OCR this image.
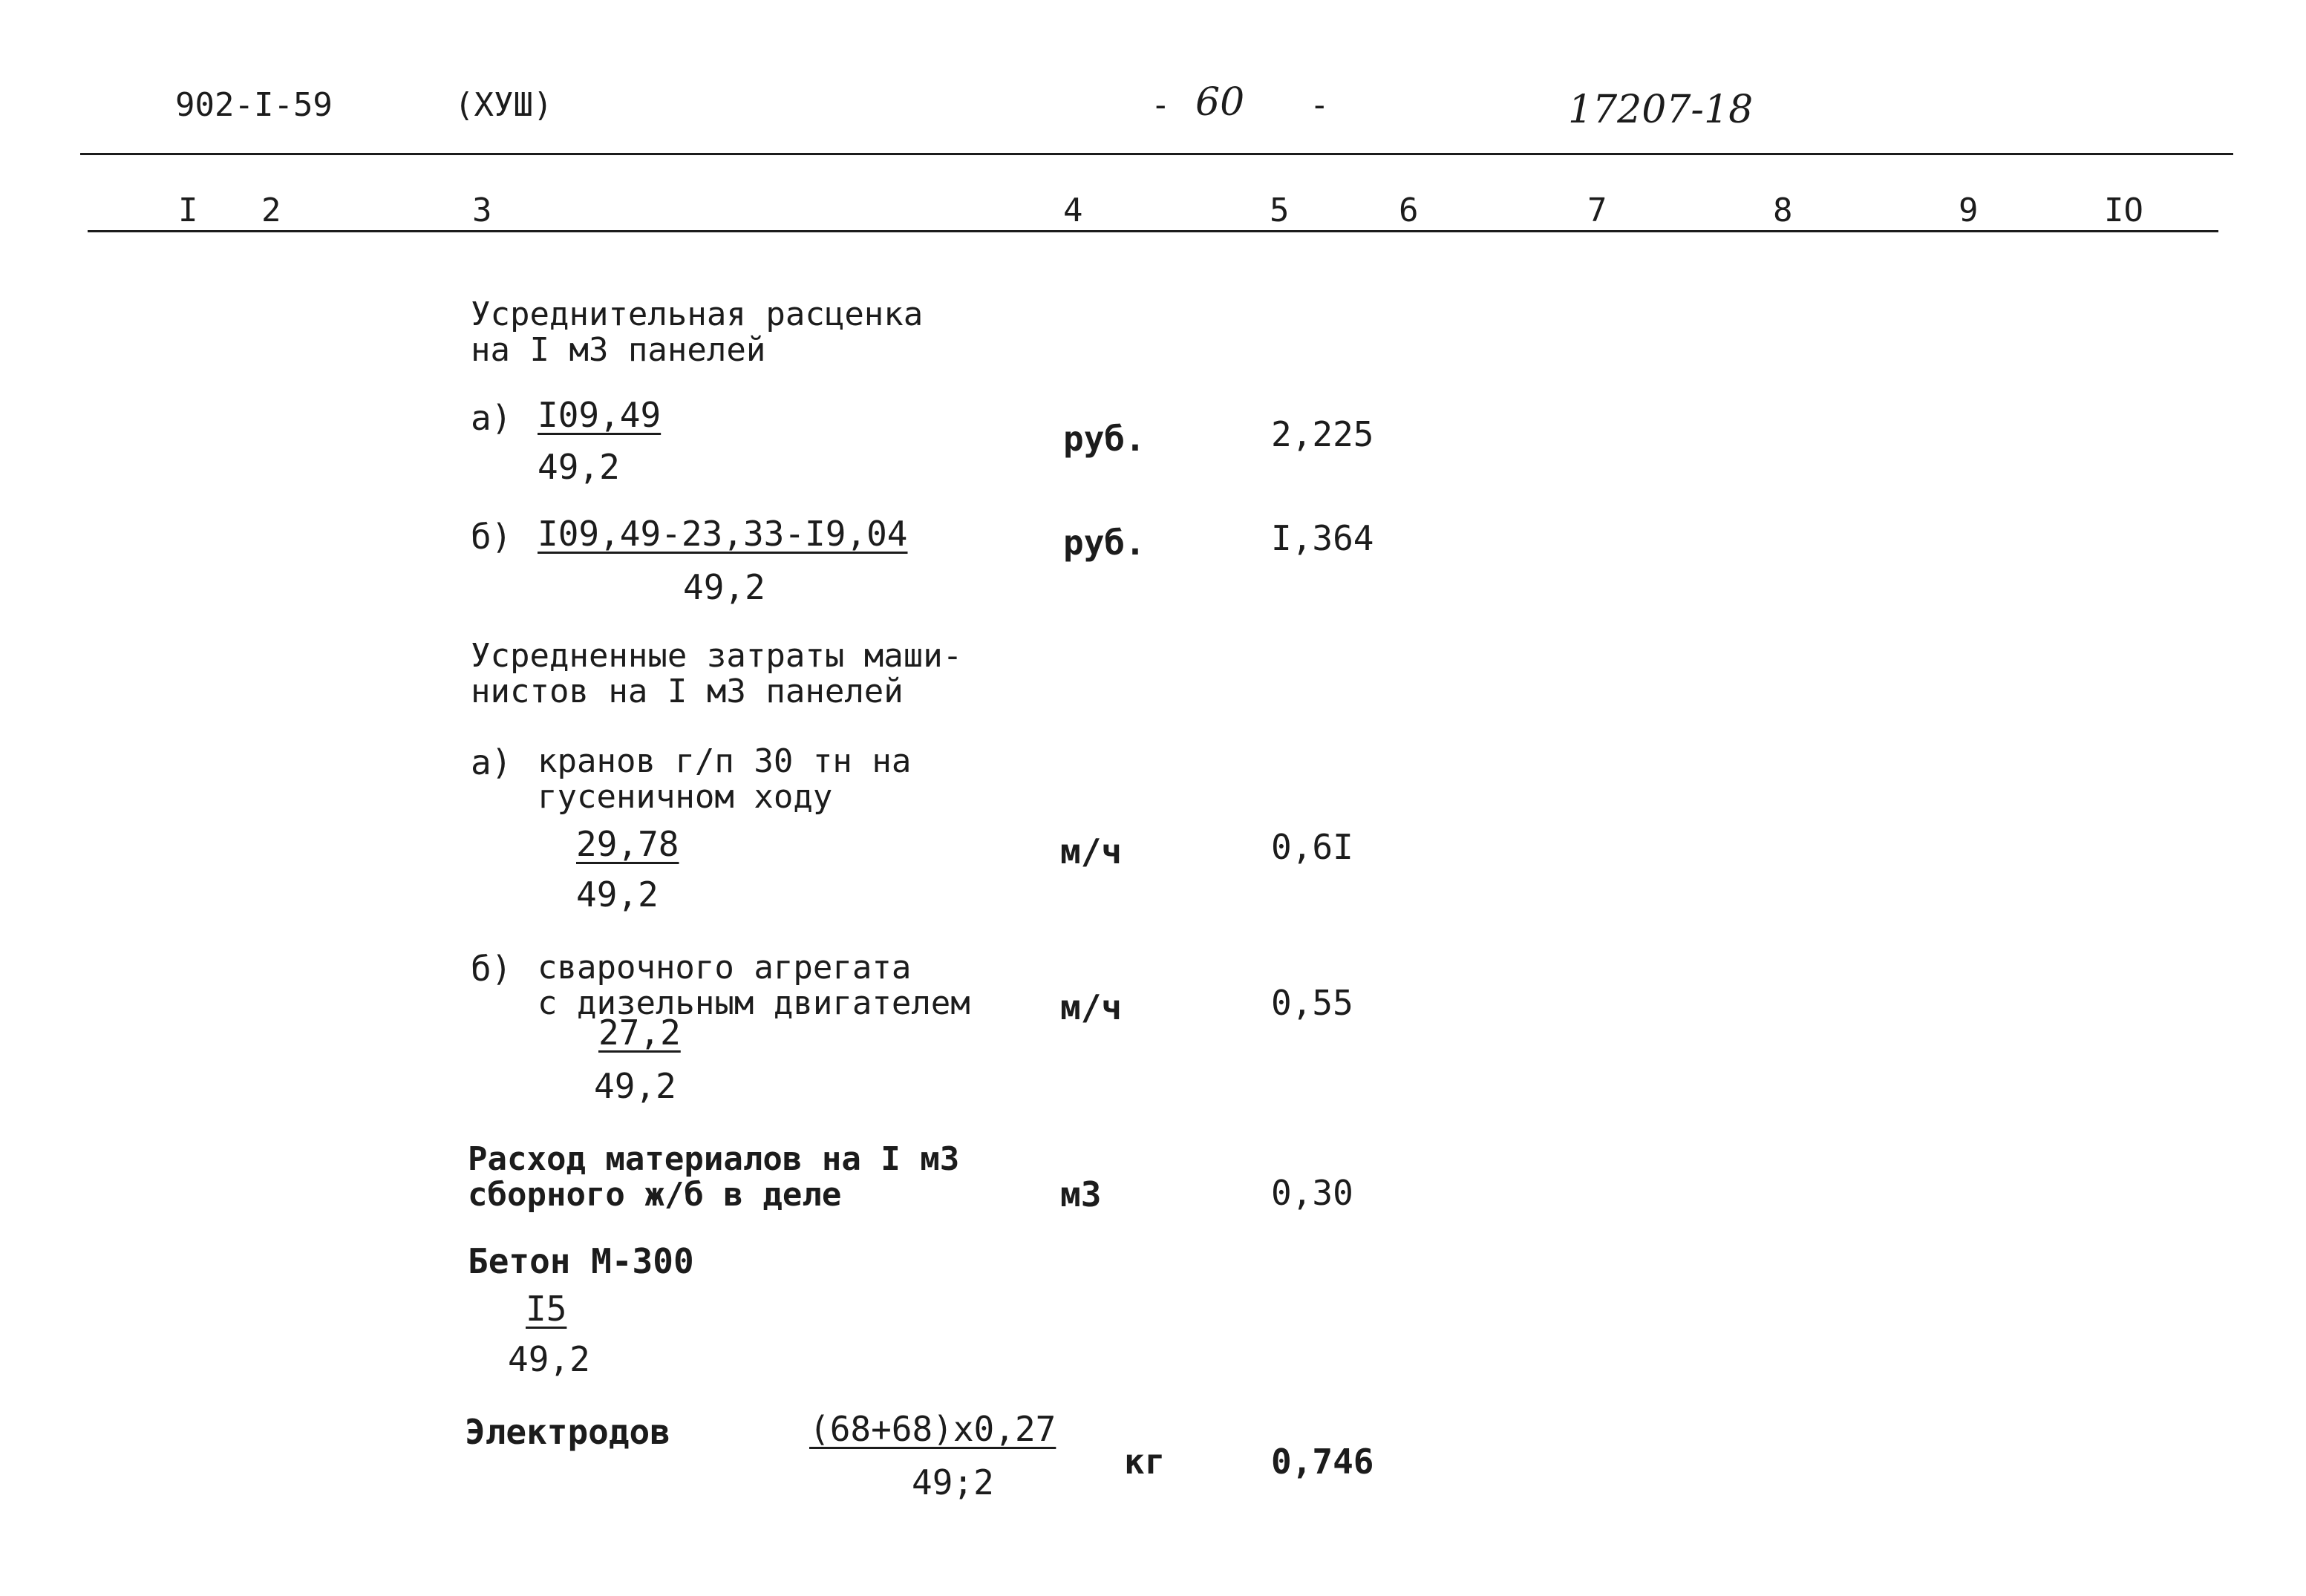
902-I-59	(ХУШ)	- 60 -	17207-18
I 2	3	4	5	6	7	8	9	IO
Усреднительная расценка
на I м3 панелей
а) I09,49
49,2
руб.	2,225
б) I09,49-23,33-I9,04
49,2
руб.	I,364
Усредненные затраты маши-
нистов на I м3 панелей
а) кранов г/п 30 тн на
гусеничном ходу
29,78
49,2
м/ч	0,6I
б) сварочного агрегата
с дизельным двигателем
27,2
49,2
м/ч	0,55
Расход материалов на I м3
сборного ж/б в деле	м3	0,30
Бетон М-300
I5
49,2
Электродов	(68+68)х0,27
49;2
кг	0,746
